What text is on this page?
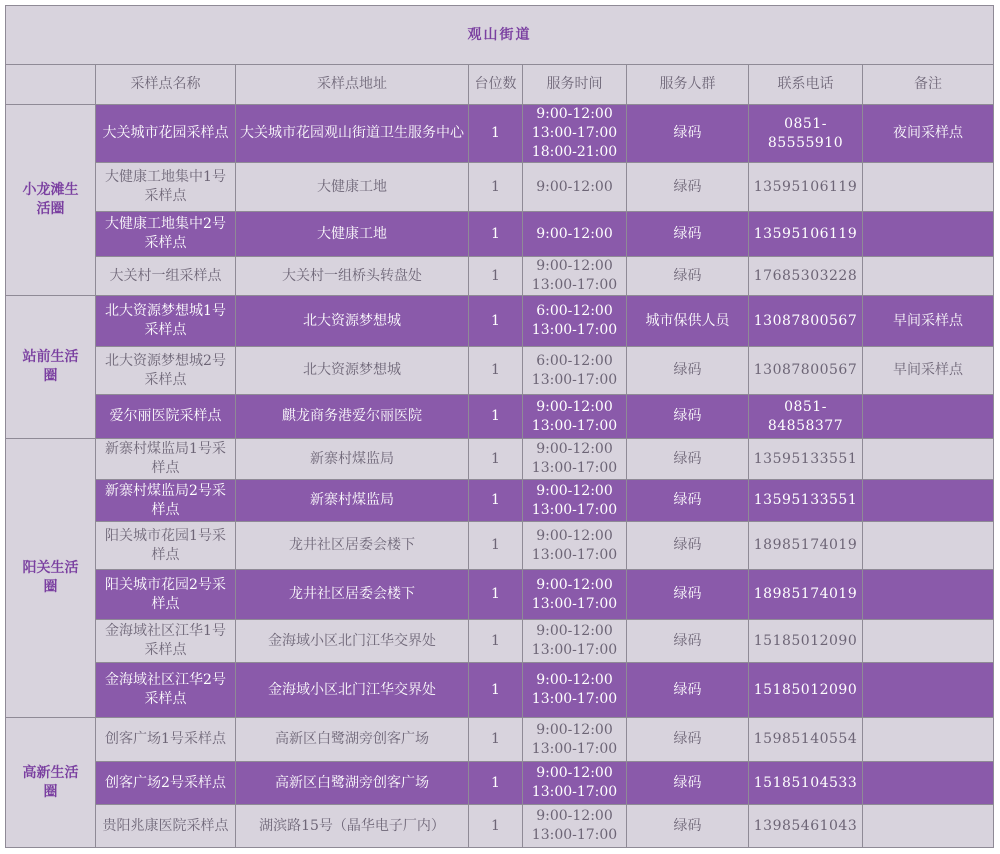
观山街道							
	采样点名称	采样点地址	台位数	服务时间	服务人群	联系电话	备注

小龙滩生活圈	大关城市花园采样点	大关城市花园观山街道卫生服务中心	1	9:00-12:00
13:00-17:00
18:00-21:00	绿码	0851-
85555910	夜间采样点
	大健康工地集中1号采样点	大健康工地	1	9:00-12:00	绿码	13595106119	
	大健康工地集中2号采样点	大健康工地	1	9:00-12:00	绿码	13595106119	
	大关村一组采样点	大关村一组桥头转盘处	1	9:00-12:00
13:00-17:00	绿码	17685303228	

站前生活圈	北大资源梦想城1号采样点	北大资源梦想城	1	6:00-12:00
13:00-17:00	城市保供人员	13087800567	早间采样点
	北大资源梦想城2号采样点	北大资源梦想城	1	6:00-12:00
13:00-17:00	绿码	13087800567	早间采样点
	爱尔丽医院采样点	麒龙商务港爱尔丽医院	1	9:00-12:00
13:00-17:00	绿码	0851-
84858377	

阳关生活圈	新寨村煤监局1号采样点	新寨村煤监局	1	9:00-12:00
13:00-17:00	绿码	13595133551	
	新寨村煤监局2号采样点	新寨村煤监局	1	9:00-12:00
13:00-17:00	绿码	13595133551	
	阳关城市花园1号采样点	龙井社区居委会楼下	1	9:00-12:00
13:00-17:00	绿码	18985174019	
	阳关城市花园2号采样点	龙井社区居委会楼下	1	9:00-12:00
13:00-17:00	绿码	18985174019	
	金海域社区江华1号采样点	金海域小区北门江华交界处	1	9:00-12:00
13:00-17:00	绿码	15185012090	
	金海域社区江华2号采样点	金海域小区北门江华交界处	1	9:00-12:00
13:00-17:00	绿码	15185012090	

高新生活圈	创客广场1号采样点	高新区白鹭湖旁创客广场	1	9:00-12:00
13:00-17:00	绿码	15985140554	
	创客广场2号采样点	高新区白鹭湖旁创客广场	1	9:00-12:00
13:00-17:00	绿码	15185104533	
	贵阳兆康医院采样点	湖滨路15号（晶华电子厂内）	1	9:00-12:00
13:00-17:00	绿码	13985461043	
